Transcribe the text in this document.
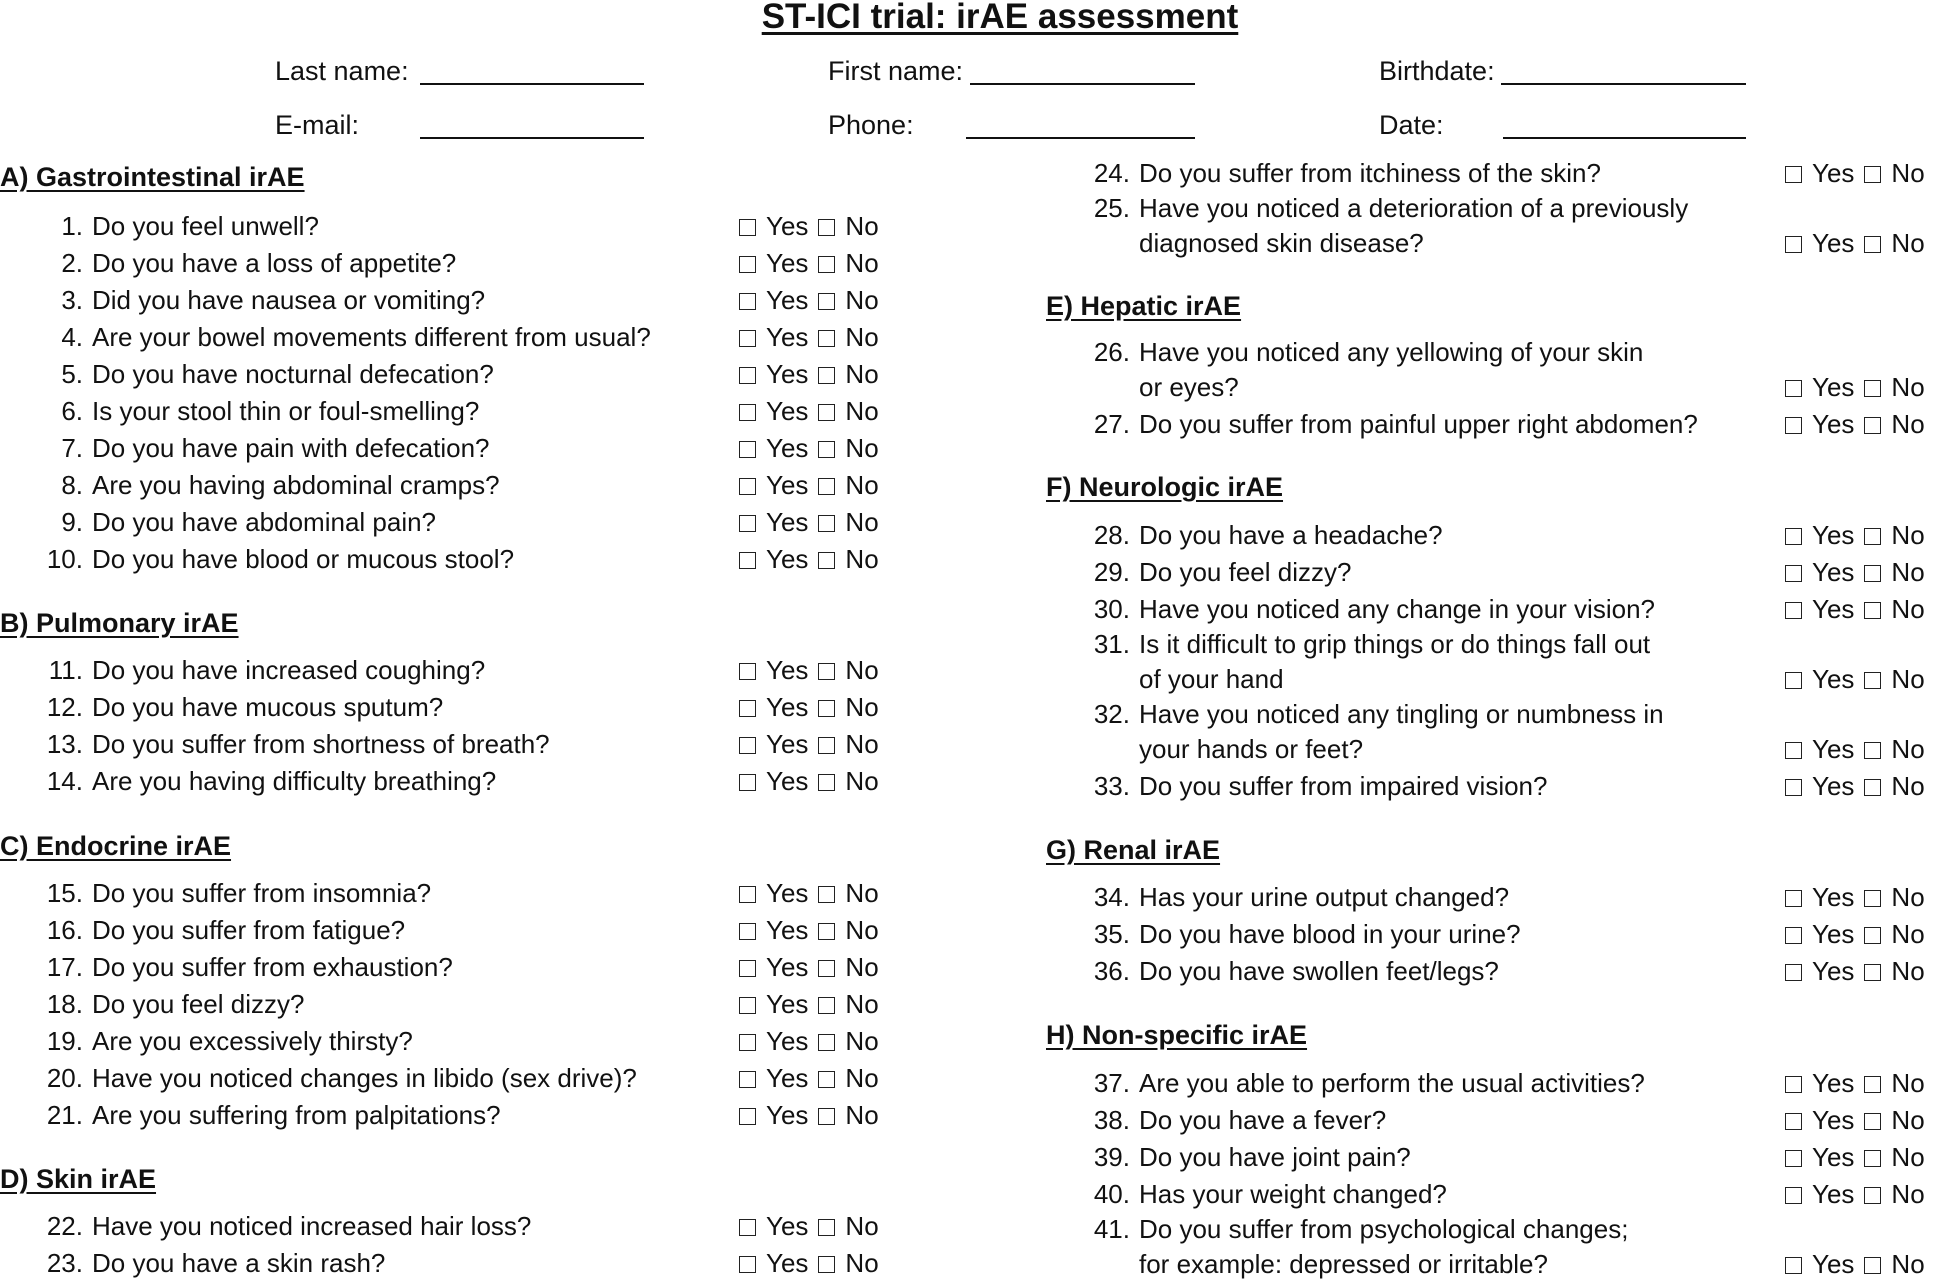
ST-ICI trial: irAE assessment
Last name:	First name:	Birthdate:
E-mail:	Phone:	Date:
A) Gastrointestinal irAE
B) Pulmonary irAE
C) Endocrine irAE
D) Skin irAE
E) Hepatic irAE
F) Neurologic irAE
G) Renal irAE
H) Non-specific irAE
1. Do you feel unwell?	Yes No
2. Do you have a loss of appetite?	Yes No
3. Did you have nausea or vomiting?	Yes No
4. Are your bowel movements different from usual?	Yes No
5. Do you have nocturnal defecation?	Yes No
6. Is your stool thin or foul-smelling?	Yes No
7. Do you have pain with defecation?	Yes No
8. Are you having abdominal cramps?	Yes No
9. Do you have abdominal pain?	Yes No
10. Do you have blood or mucous stool?	Yes No
11. Do you have increased coughing?	Yes No
12. Do you have mucous sputum?	Yes No
13. Do you suffer from shortness of breath?	Yes No
14. Are you having difficulty breathing?	Yes No
15. Do you suffer from insomnia?	Yes No
16. Do you suffer from fatigue?	Yes No
17. Do you suffer from exhaustion?	Yes No
18. Do you feel dizzy?	Yes No
19. Are you excessively thirsty?	Yes No
20. Have you noticed changes in libido (sex drive)?	Yes No
21. Are you suffering from palpitations?	Yes No
22. Have you noticed increased hair loss?	Yes No
23. Do you have a skin rash?	Yes No
24. Do you suffer from itchiness of the skin?	Yes No
25. Have you noticed a deterioration of a previously
diagnosed skin disease?	Yes No
26. Have you noticed any yellowing of your skin
or eyes?	Yes No
27. Do you suffer from painful upper right abdomen?	Yes No
28. Do you have a headache?	Yes No
29. Do you feel dizzy?	Yes No
30. Have you noticed any change in your vision?	Yes No
31. Is it difficult to grip things or do things fall out
of your hand	Yes No
32. Have you noticed any tingling or numbness in
your hands or feet?	Yes No
33. Do you suffer from impaired vision?	Yes No
34. Has your urine output changed?	Yes No
35. Do you have blood in your urine?	Yes No
36. Do you have swollen feet/legs?	Yes No
37. Are you able to perform the usual activities?	Yes No
38. Do you have a fever?	Yes No
39. Do you have joint pain?	Yes No
40. Has your weight changed?	Yes No
41. Do you suffer from psychological changes;
for example: depressed or irritable?	Yes No
